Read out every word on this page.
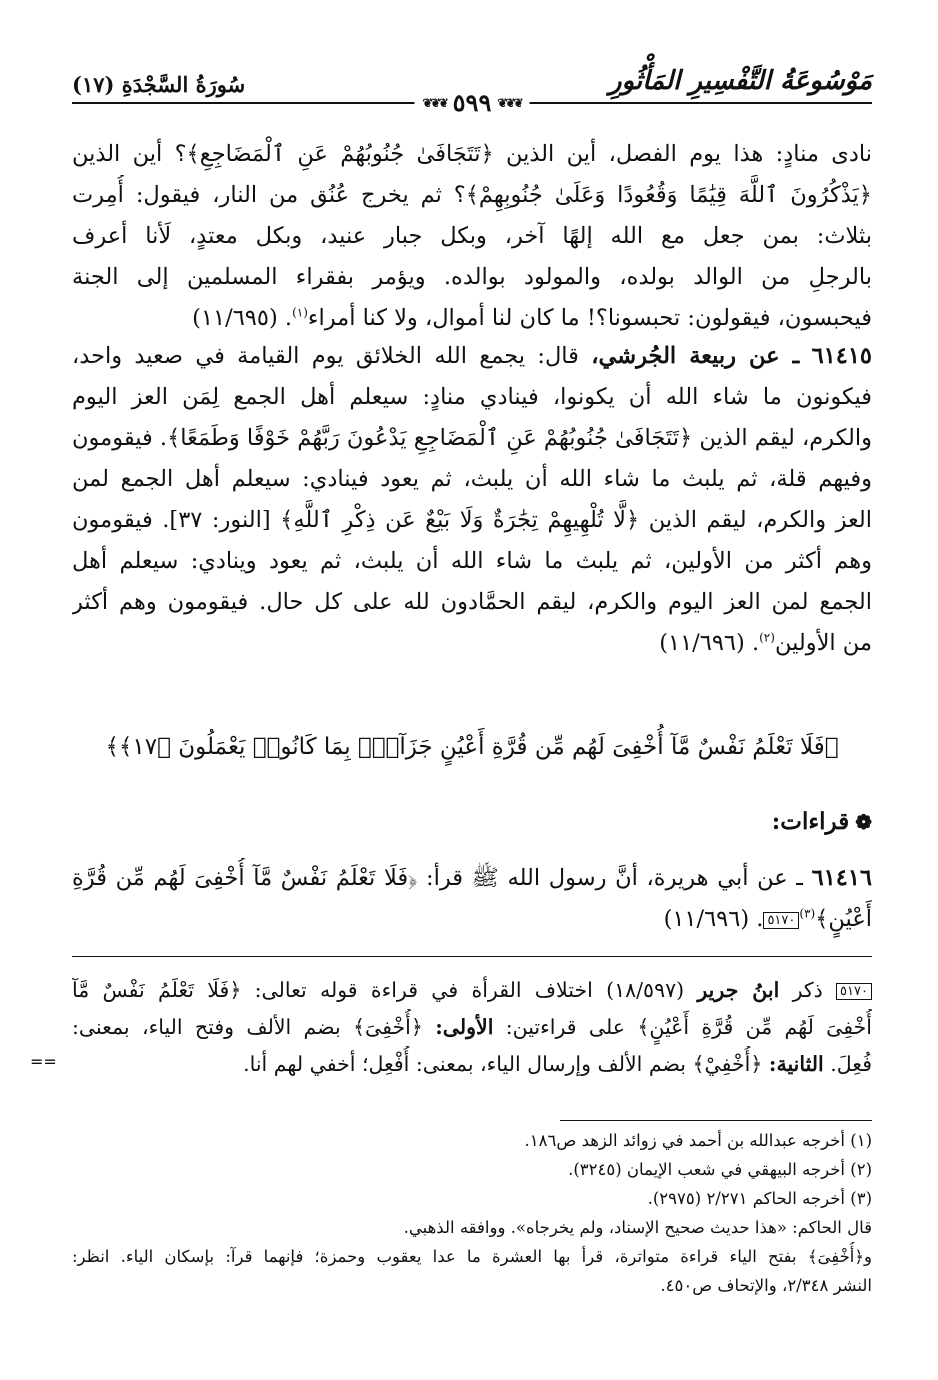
سُورَةُ السَّجْدَةِ (١٧)	مَوْسُوعَةُ التَّفْسِيرِ المَأْثُورِ
❦❦❦ ٥٩٩ ❦❦❦
نادى منادٍ: هذا يوم الفصل، أين الذين ﴿تَتَجَافَىٰ جُنُوبُهُمْ عَنِ ٱلْمَضَاجِعِ﴾؟ أين الذين
﴿يَذْكُرُونَ ٱللَّهَ قِيَٰمًا وَقُعُودًا وَعَلَىٰ جُنُوبِهِمْ﴾؟ ثم يخرج عُنُق من النار، فيقول: أُمِرت
بثلاث: بمن جعل مع الله إلهًا آخر، وبكل جبار عنيد، وبكل معتدٍ، لَأنا أعرف
بالرجلِ من الوالد بولده، والمولود بوالده. ويؤمر بفقراء المسلمين إلى الجنة
فيحبسون، فيقولون: تحبسونا؟! ما كان لنا أموال، ولا كنا أمراء$^{(١)}$. (١١/٦٩٥)
٦١٤١٥ ـ عن ربيعة الجُرشي، قال: يجمع الله الخلائق يوم القيامة في صعيد واحد،
فيكونون ما شاء الله أن يكونوا، فينادي منادٍ: سيعلم أهل الجمع لِمَن العز اليوم
والكرم، ليقم الذين ﴿تَتَجَافَىٰ جُنُوبُهُمْ عَنِ ٱلْمَضَاجِعِ يَدْعُونَ رَبَّهُمْ خَوْفًا وَطَمَعًا﴾. فيقومون
وفيهم قلة، ثم يلبث ما شاء الله أن يلبث، ثم يعود فينادي: سيعلم أهل الجمع لمن
العز والكرم، ليقم الذين ﴿لَّا تُلْهِيهِمْ تِجَٰرَةٌ وَلَا بَيْعٌ عَن ذِكْرِ ٱللَّهِ﴾ [النور: ٣٧]. فيقومون
وهم أكثر من الأولين، ثم يلبث ما شاء الله أن يلبث، ثم يعود وينادي: سيعلم أهل
الجمع لمن العز اليوم والكرم، ليقم الحمَّادون لله على كل حال. فيقومون وهم أكثر
من الأولين$^{(٢)}$. (١١/٦٩٦)
﴿فَلَا تَعْلَمُ نَفْسٌ مَّآ أُخْفِىَ لَهُم مِّن قُرَّةِ أَعْيُنٍ جَزَآءًۢ بِمَا كَانُوا۟ يَعْمَلُونَ ﴿١٧﴾﴾
❁قراءات:
٦١٤١٦ ـ عن أبي هريرة، أنَّ رسول الله ﷺ قرأ: ﴿فَلَا تَعْلَمُ نَفْسٌ مَّآ أُخْفِىَ لَهُم مِّن قُرَّةِ
أَعْيُنٍ﴾$^{(٣)}$٥١٧٠. (١١/٦٩٦)
٥١٧٠ ذكر ابنُ جرير (١٨/٥٩٧) اختلاف القرأة في قراءة قوله تعالى: ﴿فَلَا تَعْلَمُ نَفْسٌ مَّآ
أُخْفِىَ لَهُم مِّن قُرَّةِ أَعْيُنٍ﴾ على قراءتين: الأولى: ﴿أُخْفِىَ﴾ بضم الألف وفتح الياء، بمعنى:
فُعِلَ. الثانية: ﴿أُخْفِيْ﴾ بضم الألف وإرسال الياء، بمعنى: أُفْعِل؛ أخفي لهم أنا.
==
(١) أخرجه عبدالله بن أحمد في زوائد الزهد ص١٨٦.
(٢) أخرجه البيهقي في شعب الإيمان (٣٢٤٥).
(٣) أخرجه الحاكم ٢/٢٧١ (٢٩٧٥).
قال الحاكم: «هذا حديث صحيح الإسناد، ولم يخرجاه». ووافقه الذهبي.
و﴿أُخْفِىَ﴾ بفتح الياء قراءة متواترة، قرأ بها العشرة ما عدا يعقوب وحمزة؛ فإنهما قرآ: بإسكان الياء. انظر:
النشر ٢/٣٤٨، والإتحاف ص٤٥٠.
